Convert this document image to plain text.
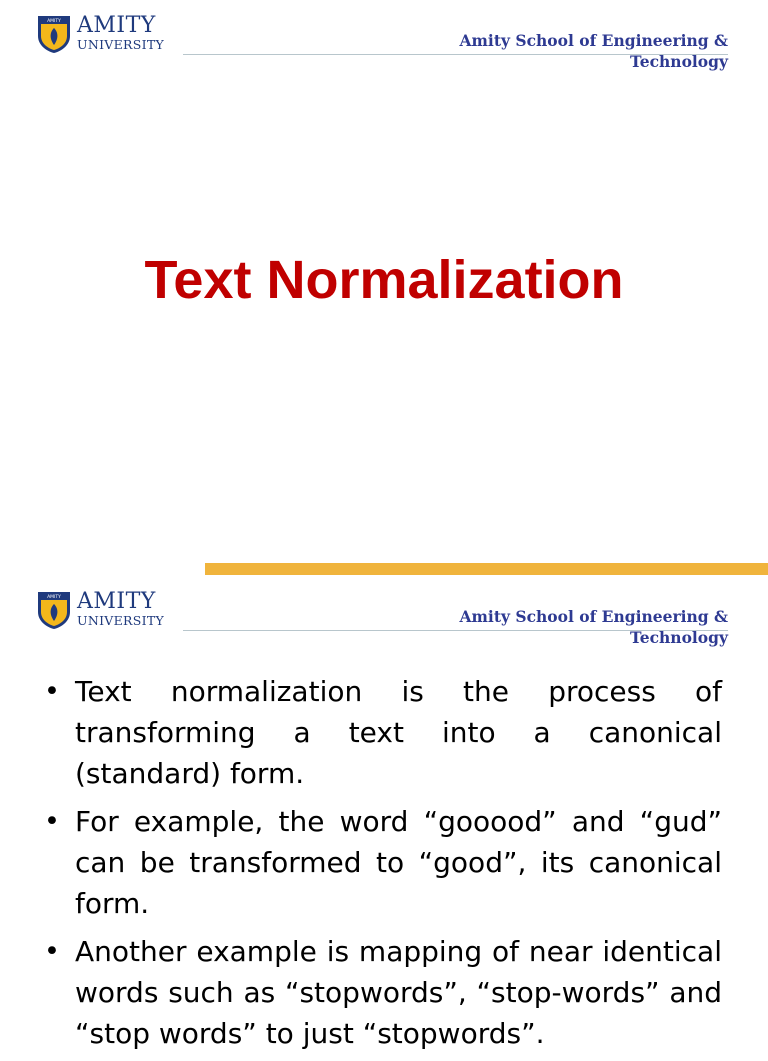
AMITY AMITY
UNIVERSITY	Amity School of Engineering & Technology
Text Normalization
AMITY AMITY
UNIVERSITY	Amity School of Engineering & Technology
• Text normalization is the process of transforming a text into a canonical (standard) form.
• For example, the word “gooood” and “gud” can be transformed to “good”, its canonical form.
• Another example is mapping of near identical words such as “stopwords”, “stop-words” and “stop words” to just “stopwords”.
